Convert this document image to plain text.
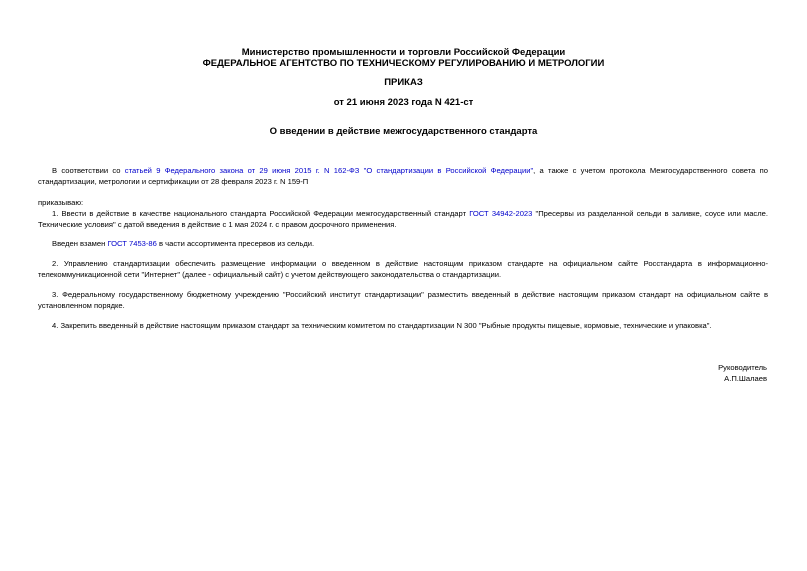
Министерство промышленности и торговли Российской Федерации
ФЕДЕРАЛЬНОЕ АГЕНТСТВО ПО ТЕХНИЧЕСКОМУ РЕГУЛИРОВАНИЮ И МЕТРОЛОГИИ
ПРИКАЗ
от 21 июня 2023 года N 421-ст
О введении в действие межгосударственного стандарта
В соответствии со статьей 9 Федерального закона от 29 июня 2015 г. N 162-ФЗ "О стандартизации в Российской Федерации", а также с учетом протокола Межгосударственного совета по стандартизации, метрологии и сертификации от 28 февраля 2023 г. N 159-П
приказываю:
1. Ввести в действие в качестве национального стандарта Российской Федерации межгосударственный стандарт ГОСТ 34942-2023 "Пресервы из разделанной сельди в заливке, соусе или масле. Технические условия" с датой введения в действие с 1 мая 2024 г. с правом досрочного применения.
Введен взамен ГОСТ 7453-86 в части ассортимента пресервов из сельди.
2. Управлению стандартизации обеспечить размещение информации о введенном в действие настоящим приказом стандарте на официальном сайте Росстандарта в информационно-телекоммуникационной сети "Интернет" (далее - официальный сайт) с учетом действующего законодательства о стандартизации.
3. Федеральному государственному бюджетному учреждению "Российский институт стандартизации" разместить введенный в действие настоящим приказом стандарт на официальном сайте в установленном порядке.
4. Закрепить введенный в действие настоящим приказом стандарт за техническим комитетом по стандартизации N 300 "Рыбные продукты пищевые, кормовые, технические и упаковка".
Руководитель
А.П.Шалаев
